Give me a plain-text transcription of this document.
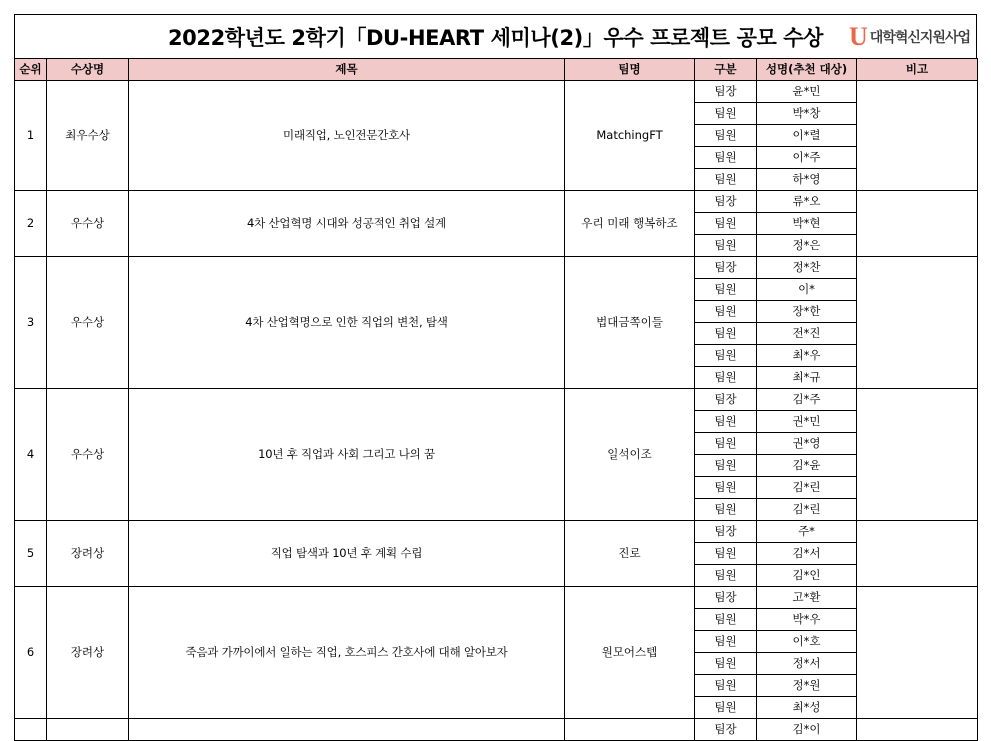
2022학년도 2학기「DU-HEART 세미나(2)」우수 프로젝트 공모 수상 U 대학혁신지원사업
순위	수상명	제목	팀명	구분	성명(추천 대상)	비고
1	최우수상	미래직업, 노인전문간호사	MatchingFT	팀장	윤*민	
				팀원	박*창	
				팀원	이*렬	
				팀원	이*주	
				팀원	하*영	
2	우수상	4차 산업혁명 시대와 성공적인 취업 설계	우리 미래 행복하조	팀장	류*오	
				팀원	박*현	
				팀원	정*은	
3	우수상	4차 산업혁명으로 인한 직업의 변천, 탐색	법대금쪽이들	팀장	정*찬	
				팀원	이*	
				팀원	장*한	
				팀원	전*진	
				팀원	최*우	
				팀원	최*규	
4	우수상	10년 후 직업과 사회 그리고 나의 꿈	일석이조	팀장	김*주	
				팀원	권*민	
				팀원	권*영	
				팀원	김*윤	
				팀원	김*린	
				팀원	김*린	
5	장려상	직업 탐색과 10년 후 계획 수립	진로	팀장	주*	
				팀원	김*서	
				팀원	김*인	
6	장려상	죽음과 가까이에서 일하는 직업, 호스피스 간호사에 대해 알아보자	원모어스텝	팀장	고*환	
				팀원	박*우	
				팀원	이*호	
				팀원	정*서	
				팀원	정*원	
				팀원	최*성	
				팀장	김*이	
